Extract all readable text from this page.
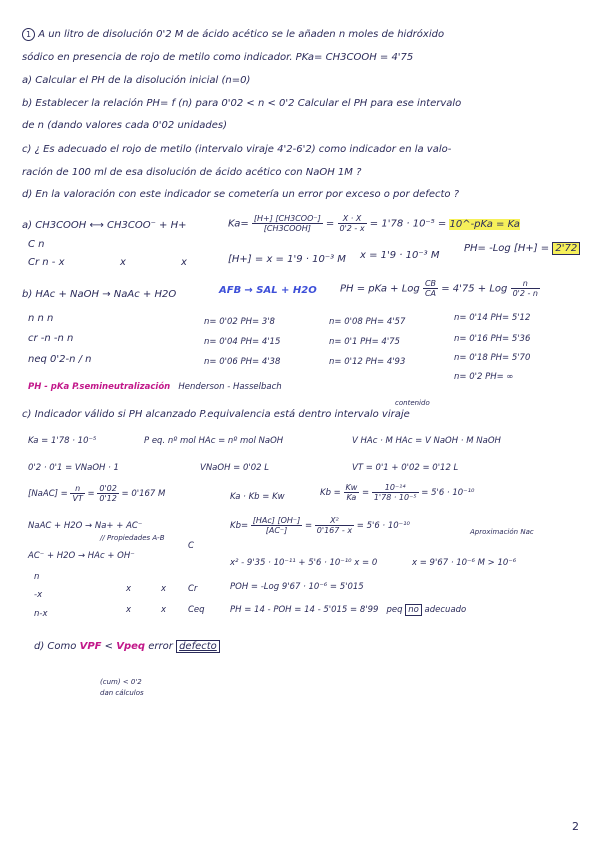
1 A un litro de disolución 0'2 M de ácido acético se le añaden n moles de hidróxido
sódico en presencia de rojo de metilo como indicador. PKa= CH3COOH = 4'75
a) Calcular el PH de la disolución inicial (n=0)
b) Establecer la relación PH= f (n) para 0'02 < n < 0'2 Calcular el PH para ese intervalo
de n (dando valores cada 0'02 unidades)
c) ¿ Es adecuado el rojo de metilo (intervalo viraje 4'2-6'2) como indicador en la valo-
ración de 100 ml de esa disolución de ácido acético con NaOH 1M ?
d) En la valoración con este indicador se cometería un error por exceso o por defecto ?
a) CH3COOH ⟷ CH3COO⁻ + H+	$Ka= \frac{\text{[H+] [CH3COO⁻]}}{\text{[CH3COOH]}} = \frac{X \cdot X}{0'2 - x} = 1'78 \cdot 10^{-5}$ = 10^-pKa = Ka
C n
Cr n - x	x	x	[H+] = x = 1'9 · 10⁻³ M x = 1'9 · 10⁻³ M
PH= -Log [H+] = 2'72
b) HAc + NaOH → NaAc + H2O	AFB → SAL + H2O PH = pKa + Log $\frac{CB}{CA} = 4'75$ + Log $\frac{n}{0'2 - n}$
n n n
cr -n -n n
neq 0'2-n / n
n= 0'02 PH= 3'8	n= 0'08 PH= 4'57	n= 0'14 PH= 5'12
n= 0'04 PH= 4'15	n= 0'1 PH= 4'75	n= 0'16 PH= 5'36
n= 0'06 PH= 4'38	n= 0'12 PH= 4'93	n= 0'18 PH= 5'70
n= 0'2 PH= ∞
PH - pKa P.semineutralización Henderson - Hasselbach
contenido
c) Indicador válido si PH alcanzado P.equivalencia está dentro intervalo viraje
Ka = 1'78 · 10⁻⁵	P eq. nº mol HAc = nº mol NaOH	V HAc · M HAc = V NaOH · M NaOH
0'2 · 0'1 = VNaOH · 1	VNaOH = 0'02 L	VT = 0'1 + 0'02 = 0'12 L
[NaAC] = $\frac{n}{VT} = \frac{0'02}{0'12} = 0'167$ M	Ka · Kb = Kw	$Kb = \frac{Kw}{Ka} = \frac{\text{10⁻¹⁴}}{\text{1'78 · 10⁻⁵}} = 5'6 \cdot 10^{-10}$
NaAC + H2O → Na+ + AC⁻
// Propiedades A-B
$Kb= \frac{\text{[HAc] [OH⁻]}}{[AC^-]} = \frac{\text{X²}}{0'167 - x} = 5'6 \cdot 10^{-10}$
Aproximación Nac
AC⁻ + H2O → HAc + OH⁻
C
x² - 9'35 · 10⁻¹¹ + 5'6 · 10⁻¹⁰ x = 0	x = 9'67 · 10⁻⁶ M > 10⁻⁶
n
POH = -Log 9'67 · 10⁻⁶ = 5'015
-x
x	x	Cr
n-x	x	x	Ceq	PH = 14 - POH = 14 - 5'015 = 8'99 peq no adecuado
d) Como VPF < Vpeq error defecto
(cum) < 0'2
dan cálculos
2
